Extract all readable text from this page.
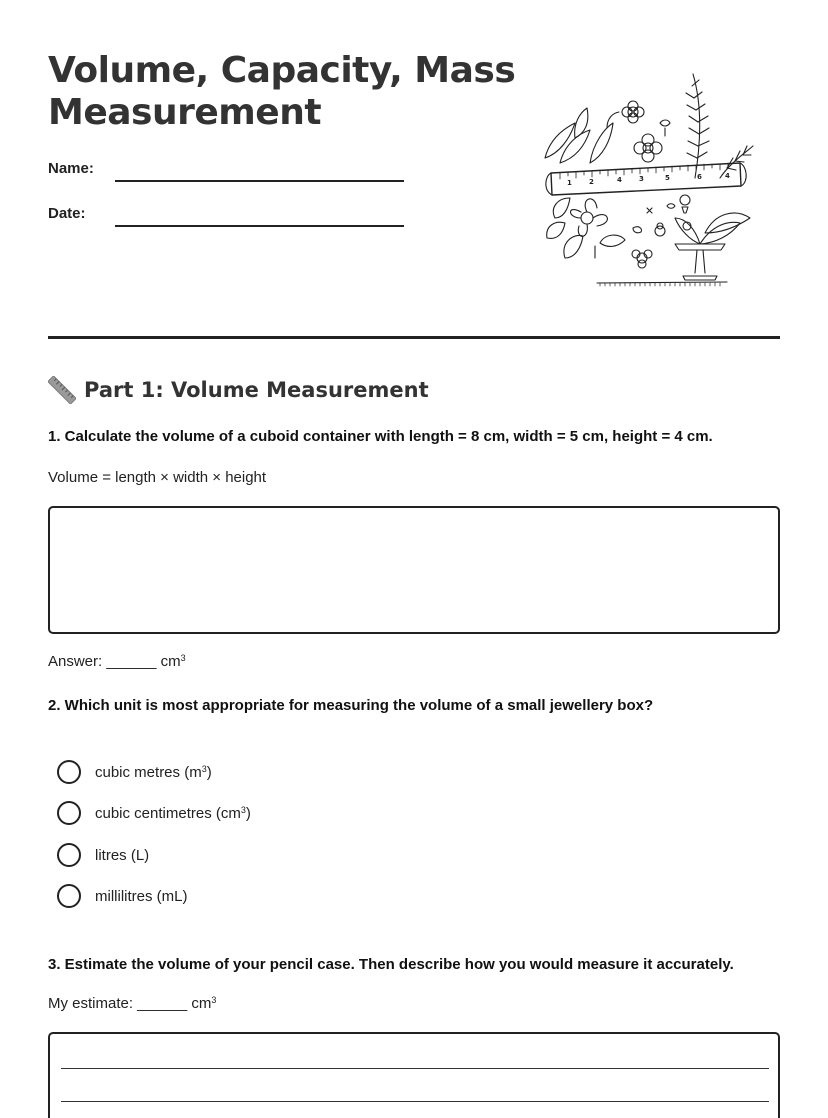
Volume, Capacity, Mass Measurement
Name:
Date:
1 2	4 3	5	6	4
Part 1: Volume Measurement
1. Calculate the volume of a cuboid container with length = 8 cm, width = 5 cm, height = 4 cm.
Volume = length × width × height
Answer: ______ $cm^3$
2. Which unit is most appropriate for measuring the volume of a small jewellery box?
cubic metres $(m^3)$
cubic centimetres $(cm^3)$
litres (L)
millilitres (mL)
3. Estimate the volume of your pencil case. Then describe how you would measure it accurately.
My estimate: ______ $cm^3$
